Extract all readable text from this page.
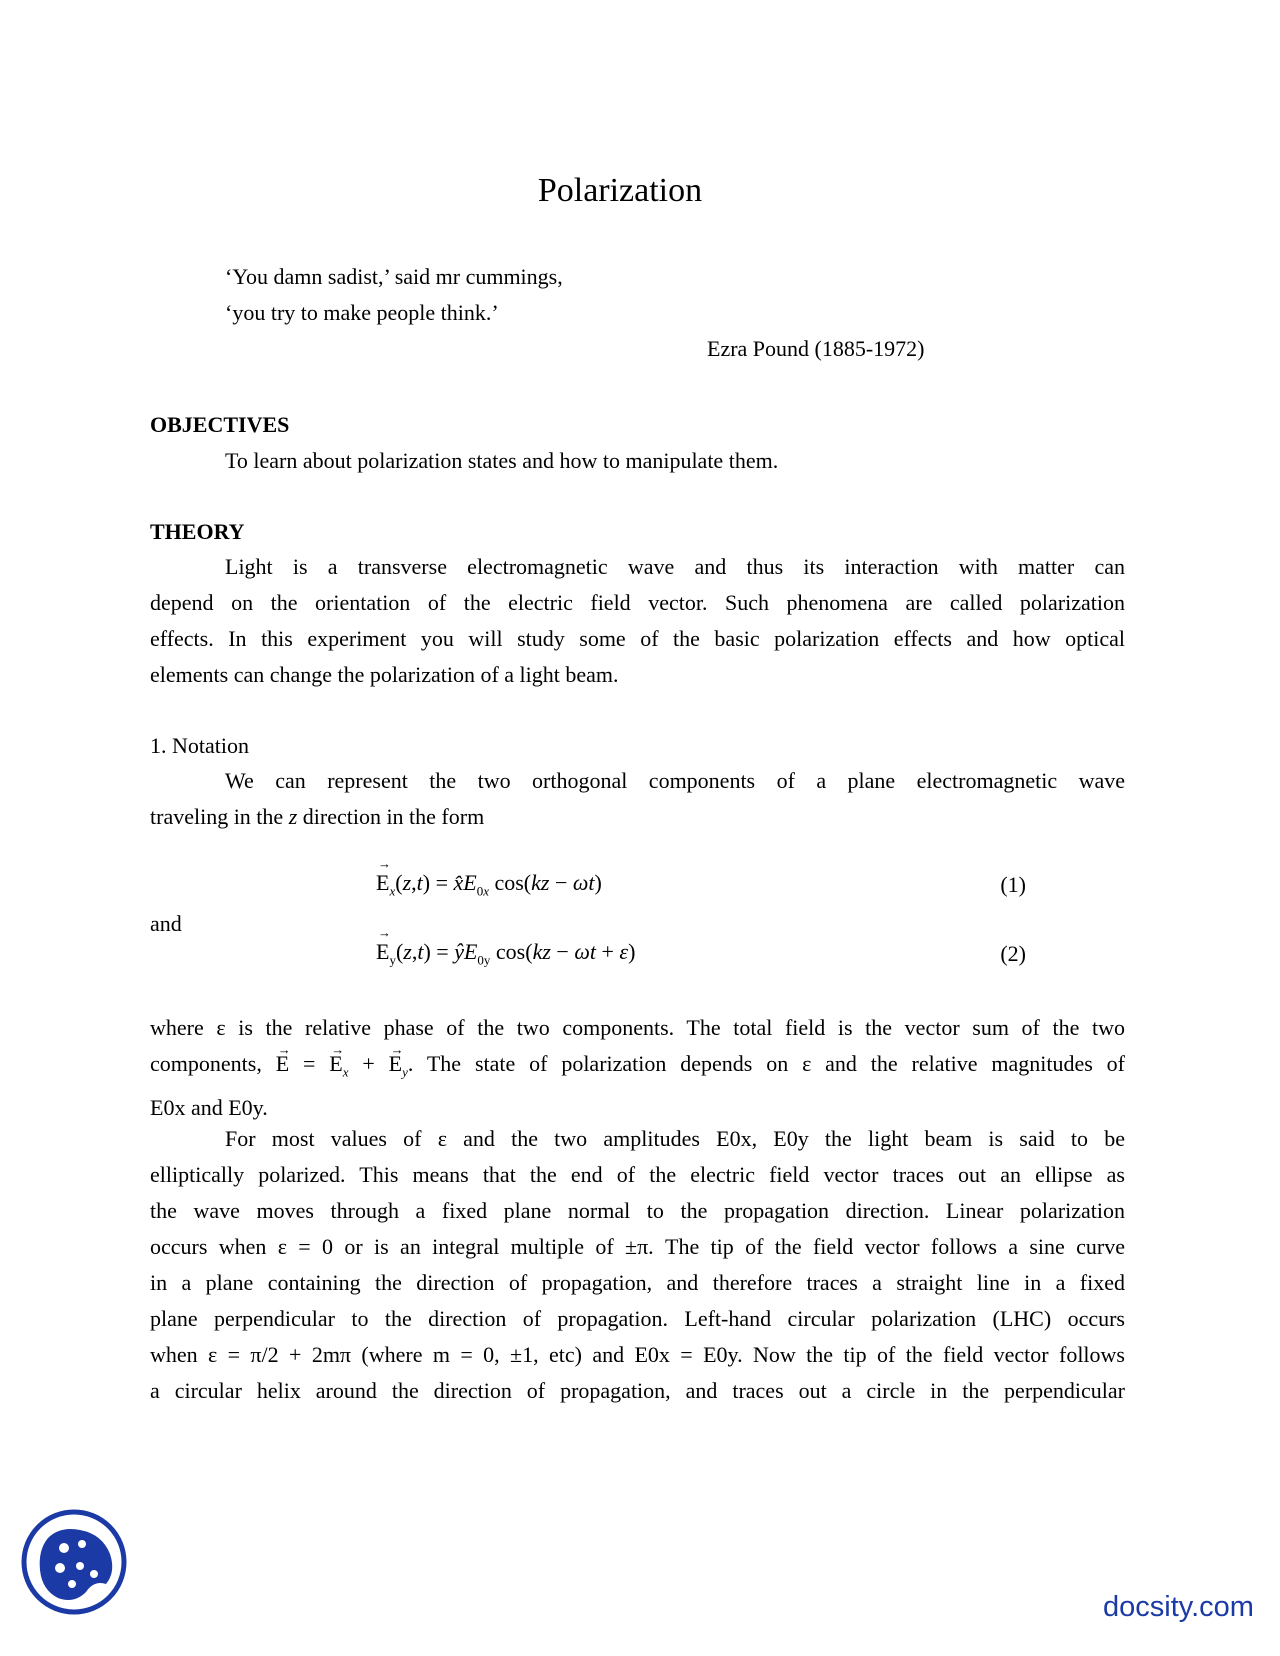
Polarization
‘You damn sadist,’ said mr cummings,
‘you try to make people think.’
Ezra Pound (1885-1972)
OBJECTIVES
To learn about polarization states and how to manipulate them.
THEORY
Light is a transverse electromagnetic wave and thus its interaction with matter can
depend on the orientation of the electric field vector. Such phenomena are called polarization
effects. In this experiment you will study some of the basic polarization effects and how optical
elements can change the polarization of a light beam.
1. Notation
We can represent the two orthogonal components of a plane electromagnetic wave
traveling in the z direction in the form
→ $E_x(z,t)$ = $x̂E_{0x}$ cos(kz − ωt)	(1)
and
→ $E_y(z,t)$ = $ŷE_{0y}$ cos(kz − ωt + ε)	(2)
where ε is the relative phase of the two components. The total field is the vector sum of the two
components, → E = → $E_x$ + → $E_y$. The state of polarization depends on ε and the relative magnitudes of
E0x and E0y.
For most values of ε and the two amplitudes E0x, E0y the light beam is said to be
elliptically polarized. This means that the end of the electric field vector traces out an ellipse as
the wave moves through a fixed plane normal to the propagation direction. Linear polarization
occurs when ε = 0 or is an integral multiple of ±π. The tip of the field vector follows a sine curve
in a plane containing the direction of propagation, and therefore traces a straight line in a fixed
plane perpendicular to the direction of propagation. Left-hand circular polarization (LHC) occurs
when ε = π/2 + 2mπ (where m = 0, ±1, etc) and E0x = E0y. Now the tip of the field vector follows
a circular helix around the direction of propagation, and traces out a circle in the perpendicular
docsity.com
